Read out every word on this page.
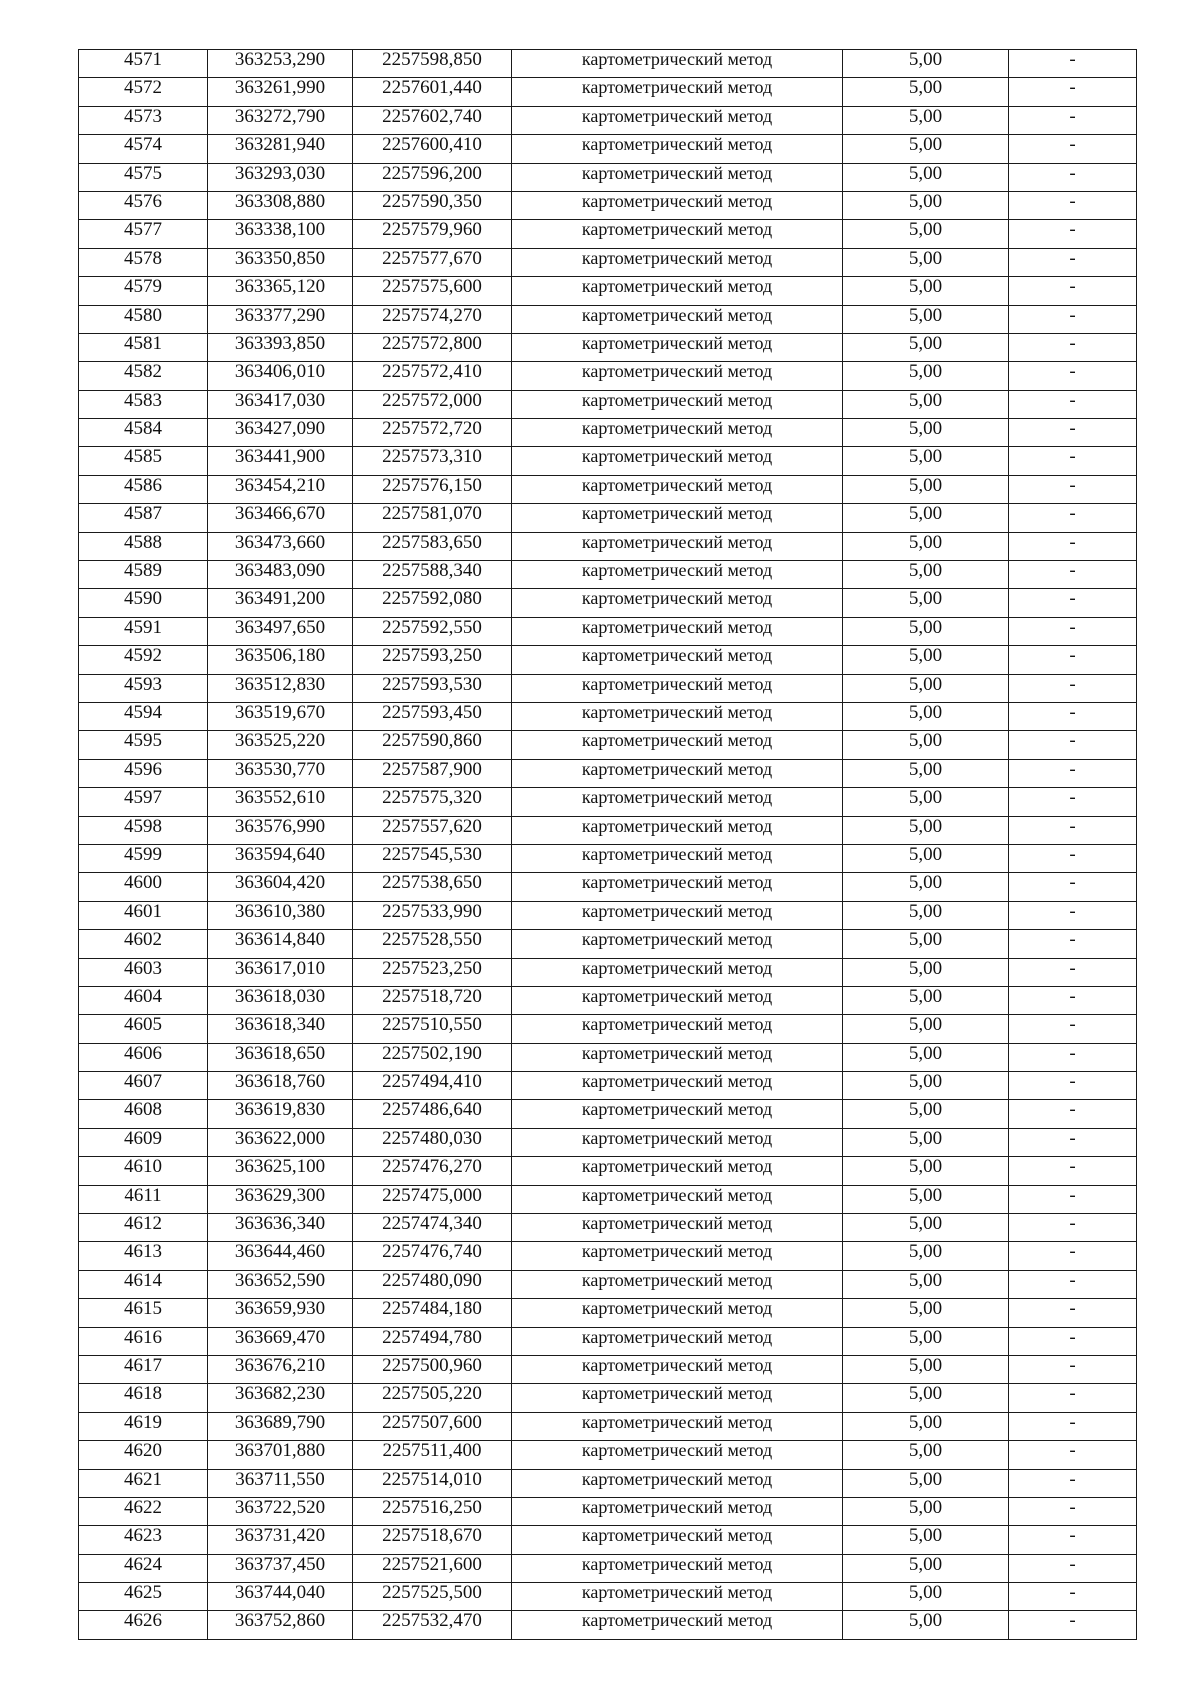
4571	363253,290	2257598,850	картометрический метод	5,00	-
4572	363261,990	2257601,440	картометрический метод	5,00	-
4573	363272,790	2257602,740	картометрический метод	5,00	-
4574	363281,940	2257600,410	картометрический метод	5,00	-
4575	363293,030	2257596,200	картометрический метод	5,00	-
4576	363308,880	2257590,350	картометрический метод	5,00	-
4577	363338,100	2257579,960	картометрический метод	5,00	-
4578	363350,850	2257577,670	картометрический метод	5,00	-
4579	363365,120	2257575,600	картометрический метод	5,00	-
4580	363377,290	2257574,270	картометрический метод	5,00	-
4581	363393,850	2257572,800	картометрический метод	5,00	-
4582	363406,010	2257572,410	картометрический метод	5,00	-
4583	363417,030	2257572,000	картометрический метод	5,00	-
4584	363427,090	2257572,720	картометрический метод	5,00	-
4585	363441,900	2257573,310	картометрический метод	5,00	-
4586	363454,210	2257576,150	картометрический метод	5,00	-
4587	363466,670	2257581,070	картометрический метод	5,00	-
4588	363473,660	2257583,650	картометрический метод	5,00	-
4589	363483,090	2257588,340	картометрический метод	5,00	-
4590	363491,200	2257592,080	картометрический метод	5,00	-
4591	363497,650	2257592,550	картометрический метод	5,00	-
4592	363506,180	2257593,250	картометрический метод	5,00	-
4593	363512,830	2257593,530	картометрический метод	5,00	-
4594	363519,670	2257593,450	картометрический метод	5,00	-
4595	363525,220	2257590,860	картометрический метод	5,00	-
4596	363530,770	2257587,900	картометрический метод	5,00	-
4597	363552,610	2257575,320	картометрический метод	5,00	-
4598	363576,990	2257557,620	картометрический метод	5,00	-
4599	363594,640	2257545,530	картометрический метод	5,00	-
4600	363604,420	2257538,650	картометрический метод	5,00	-
4601	363610,380	2257533,990	картометрический метод	5,00	-
4602	363614,840	2257528,550	картометрический метод	5,00	-
4603	363617,010	2257523,250	картометрический метод	5,00	-
4604	363618,030	2257518,720	картометрический метод	5,00	-
4605	363618,340	2257510,550	картометрический метод	5,00	-
4606	363618,650	2257502,190	картометрический метод	5,00	-
4607	363618,760	2257494,410	картометрический метод	5,00	-
4608	363619,830	2257486,640	картометрический метод	5,00	-
4609	363622,000	2257480,030	картометрический метод	5,00	-
4610	363625,100	2257476,270	картометрический метод	5,00	-
4611	363629,300	2257475,000	картометрический метод	5,00	-
4612	363636,340	2257474,340	картометрический метод	5,00	-
4613	363644,460	2257476,740	картометрический метод	5,00	-
4614	363652,590	2257480,090	картометрический метод	5,00	-
4615	363659,930	2257484,180	картометрический метод	5,00	-
4616	363669,470	2257494,780	картометрический метод	5,00	-
4617	363676,210	2257500,960	картометрический метод	5,00	-
4618	363682,230	2257505,220	картометрический метод	5,00	-
4619	363689,790	2257507,600	картометрический метод	5,00	-
4620	363701,880	2257511,400	картометрический метод	5,00	-
4621	363711,550	2257514,010	картометрический метод	5,00	-
4622	363722,520	2257516,250	картометрический метод	5,00	-
4623	363731,420	2257518,670	картометрический метод	5,00	-
4624	363737,450	2257521,600	картометрический метод	5,00	-
4625	363744,040	2257525,500	картометрический метод	5,00	-
4626	363752,860	2257532,470	картометрический метод	5,00	-
